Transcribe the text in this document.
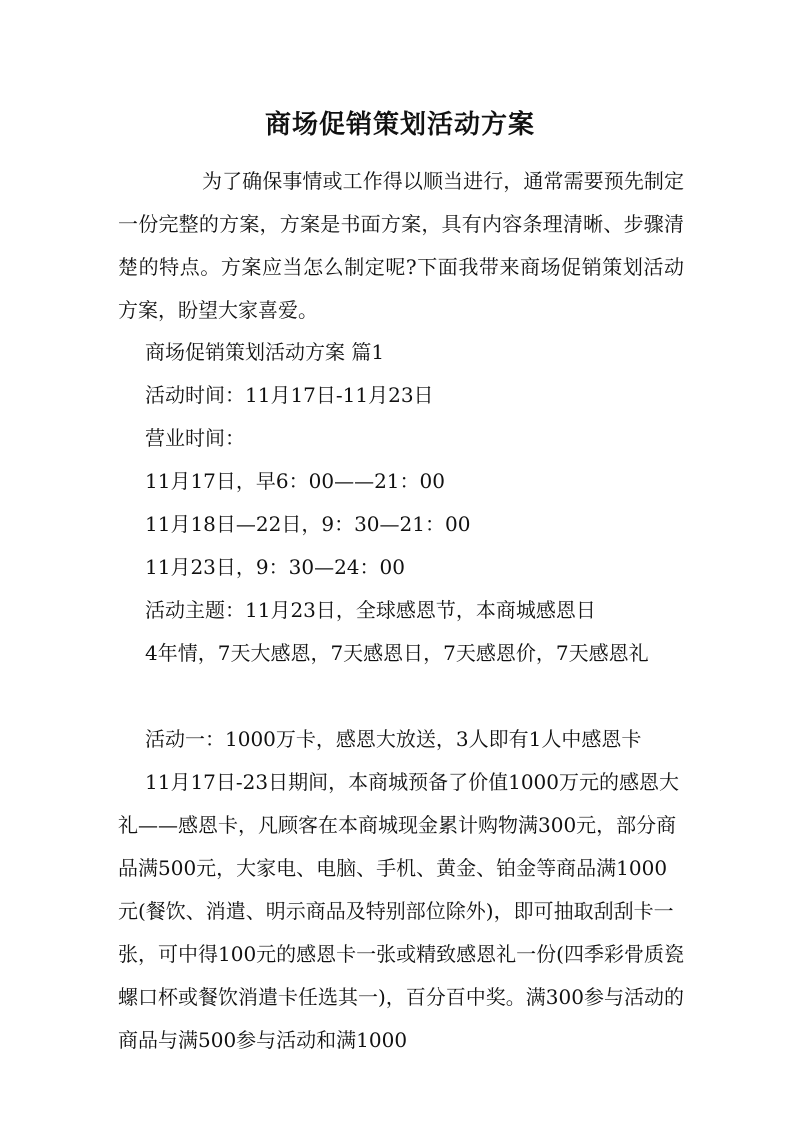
商场促销策划活动方案

为了确保事情或工作得以顺当进行，通常需要预先制定一份完整的方案，方案是书面方案，具有内容条理清晰、步骤清楚的特点。方案应当怎么制定呢?下面我带来商场促销策划活动方案，盼望大家喜爱。

商场促销策划活动方案 篇1
活动时间：11月17日-11月23日
营业时间：
11月17日，早6：00——21：00
11月18日—22日，9：30—21：00
11月23日，9：30—24：00
活动主题：11月23日，全球感恩节，本商城感恩日

4年情，7天大感恩，7天感恩日，7天感恩价，7天感恩礼

活动一：1000万卡，感恩大放送，3人即有1人中感恩卡

11月17日-23日期间，本商城预备了价值1000万元的感恩大礼——感恩卡，凡顾客在本商城现金累计购物满300元，部分商品满500元，大家电、电脑、手机、黄金、铂金等商品满1000元(餐饮、消遣、明示商品及特别部位除外)，即可抽取刮刮卡一张，可中得100元的感恩卡一张或精致感恩礼一份(四季彩骨质瓷螺口杯或餐饮消遣卡任选其一)，百分百中奖。满300参与活动的商品与满500参与活动和满1000
